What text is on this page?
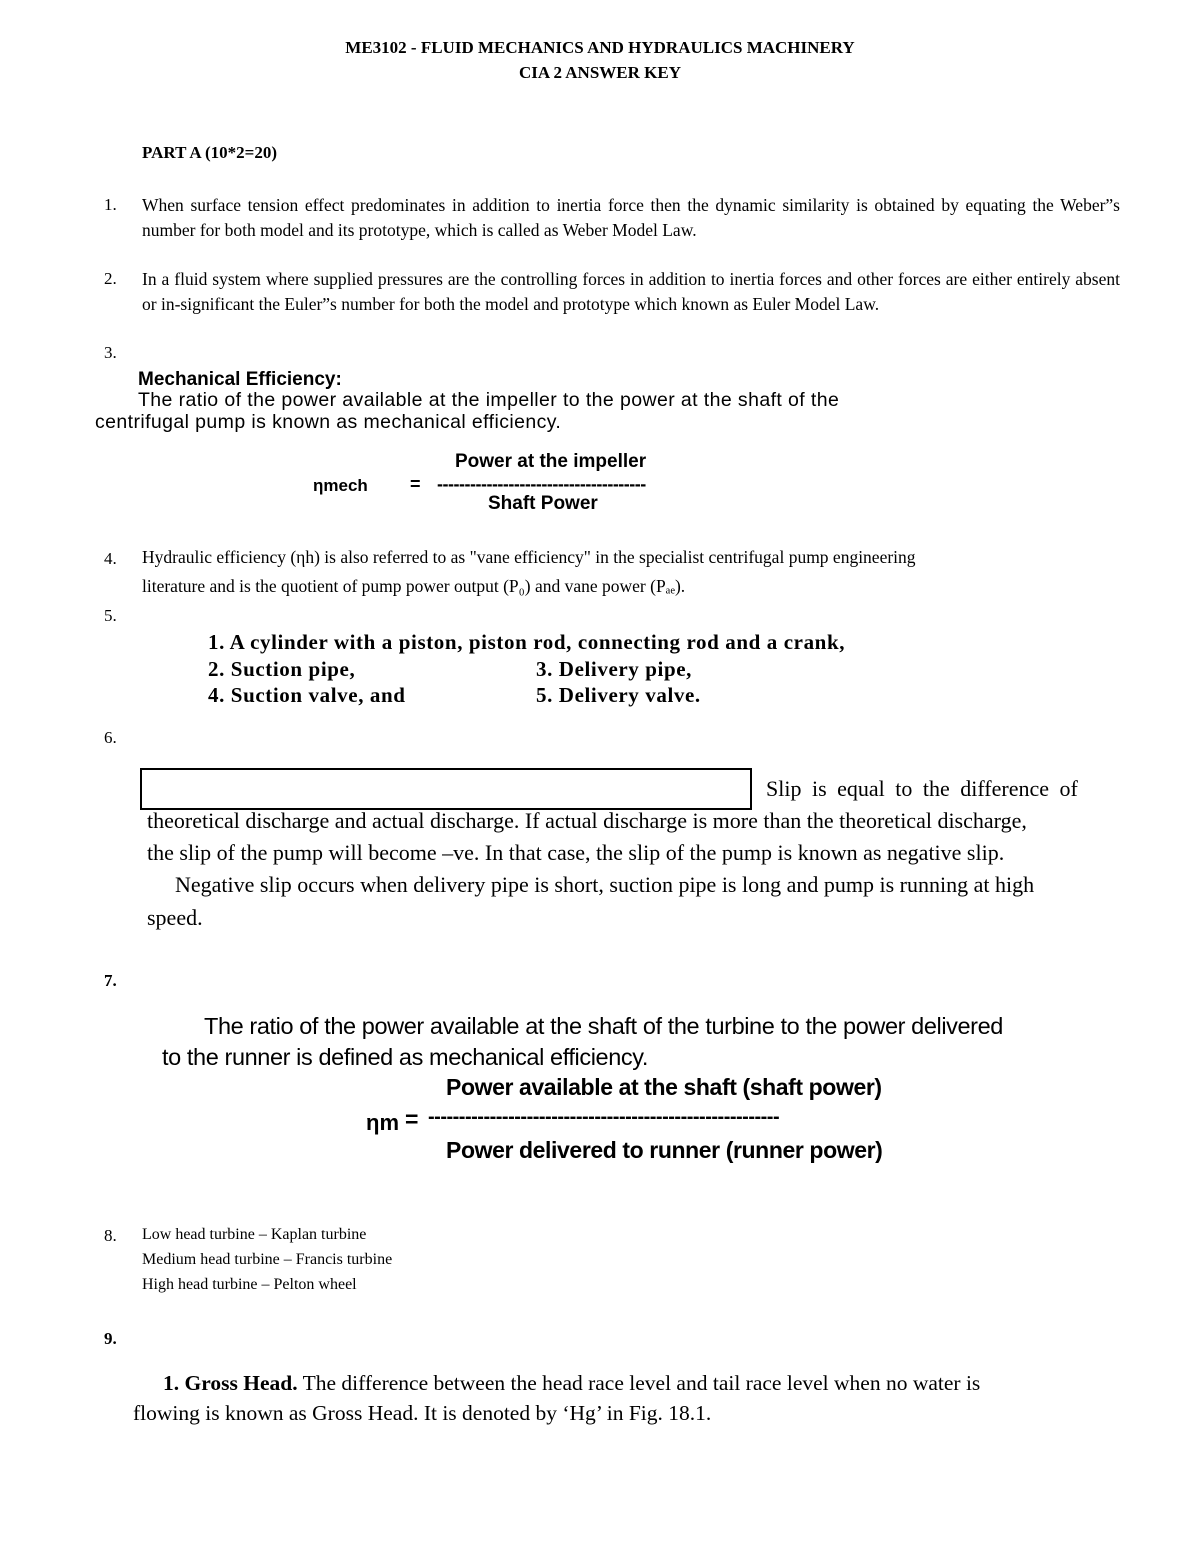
ME3102 - FLUID MECHANICS AND HYDRAULICS MACHINERY
CIA 2 ANSWER KEY
PART A (10*2=20)
1. When surface tension effect predominates in addition to inertia force then the dynamic similarity is obtained by equating the Weber”s number for both model and its prototype, which is called as Weber Model Law.
2. In a fluid system where supplied pressures are the controlling forces in addition to inertia forces and other forces are either entirely absent or in-significant the Euler”s number for both the model and prototype which known as Euler Model Law.
3.
Mechanical Efficiency:
The ratio of the power available at the impeller to the power at the shaft of the
centrifugal pump is known as mechanical efficiency.
Power at the impeller
ηmech = --------------------------------------
Shaft Power
4. Hydraulic efficiency (ηh) is also referred to as "vane efficiency" in the specialist centrifugal pump engineering
literature and is the quotient of pump power output (P₀) and vane power (Pₐₑ).
5.
1. A cylinder with a piston, piston rod, connecting rod and a crank,
2. Suction pipe,	3. Delivery pipe,
4. Suction valve, and	5. Delivery valve.
6.
Slip is equal to the difference of
theoretical discharge and actual discharge. If actual discharge is more than the theoretical discharge,
the slip of the pump will become –ve. In that case, the slip of the pump is known as negative slip.
Negative slip occurs when delivery pipe is short, suction pipe is long and pump is running at high
speed.
7.
The ratio of the power available at the shaft of the turbine to the power delivered
to the runner is defined as mechanical efficiency.
Power available at the shaft (shaft power)
ηm = ---------------------------------------------------------
Power delivered to runner (runner power)
8. Low head turbine – Kaplan turbine
Medium head turbine – Francis turbine
High head turbine – Pelton wheel
9.
1. Gross Head. The difference between the head race level and tail race level when no water is
flowing is known as Gross Head. It is denoted by ‘Hg’ in Fig. 18.1.
